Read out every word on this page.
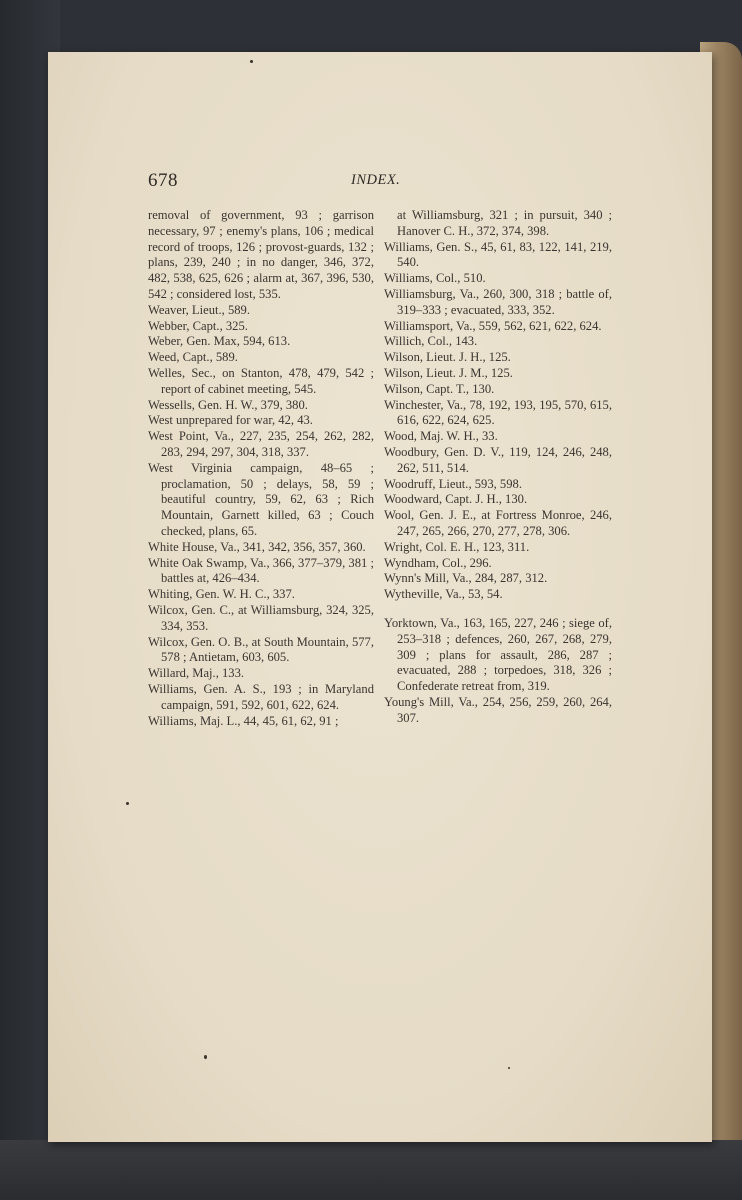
678	INDEX.

removal of government, 93 ; garrison necessary, 97 ; enemy's plans, 106 ; medical record of troops, 126 ; provost-guards, 132 ; plans, 239, 240 ; in no danger, 346, 372, 482, 538, 625, 626 ; alarm at, 367, 396, 530, 542 ; considered lost, 535.

Weaver, Lieut., 589.

Webber, Capt., 325.

Weber, Gen. Max, 594, 613.

Weed, Capt., 589.

Welles, Sec., on Stanton, 478, 479, 542 ; report of cabinet meeting, 545.

Wessells, Gen. H. W., 379, 380.

West unprepared for war, 42, 43.

West Point, Va., 227, 235, 254, 262, 282, 283, 294, 297, 304, 318, 337.

West Virginia campaign, 48–65 ; proclamation, 50 ; delays, 58, 59 ; beautiful country, 59, 62, 63 ; Rich Mountain, Garnett killed, 63 ; Couch checked, plans, 65.

White House, Va., 341, 342, 356, 357, 360.

White Oak Swamp, Va., 366, 377–379, 381 ; battles at, 426–434.

Whiting, Gen. W. H. C., 337.

Wilcox, Gen. C., at Williamsburg, 324, 325, 334, 353.

Wilcox, Gen. O. B., at South Mountain, 577, 578 ; Antietam, 603, 605.

Willard, Maj., 133.

Williams, Gen. A. S., 193 ; in Maryland campaign, 591, 592, 601, 622, 624.

Williams, Maj. L., 44, 45, 61, 62, 91 ;

at Williamsburg, 321 ; in pursuit, 340 ; Hanover C. H., 372, 374, 398.

Williams, Gen. S., 45, 61, 83, 122, 141, 219, 540.

Williams, Col., 510.

Williamsburg, Va., 260, 300, 318 ; battle of, 319–333 ; evacuated, 333, 352.

Williamsport, Va., 559, 562, 621, 622, 624.

Willich, Col., 143.

Wilson, Lieut. J. H., 125.

Wilson, Lieut. J. M., 125.

Wilson, Capt. T., 130.

Winchester, Va., 78, 192, 193, 195, 570, 615, 616, 622, 624, 625.

Wood, Maj. W. H., 33.

Woodbury, Gen. D. V., 119, 124, 246, 248, 262, 511, 514.

Woodruff, Lieut., 593, 598.

Woodward, Capt. J. H., 130.

Wool, Gen. J. E., at Fortress Monroe, 246, 247, 265, 266, 270, 277, 278, 306.

Wright, Col. E. H., 123, 311.

Wyndham, Col., 296.

Wynn's Mill, Va., 284, 287, 312.

Wytheville, Va., 53, 54.

Yorktown, Va., 163, 165, 227, 246 ; siege of, 253–318 ; defences, 260, 267, 268, 279, 309 ; plans for assault, 286, 287 ; evacuated, 288 ; torpedoes, 318, 326 ; Confederate retreat from, 319.

Young's Mill, Va., 254, 256, 259, 260, 264, 307.
